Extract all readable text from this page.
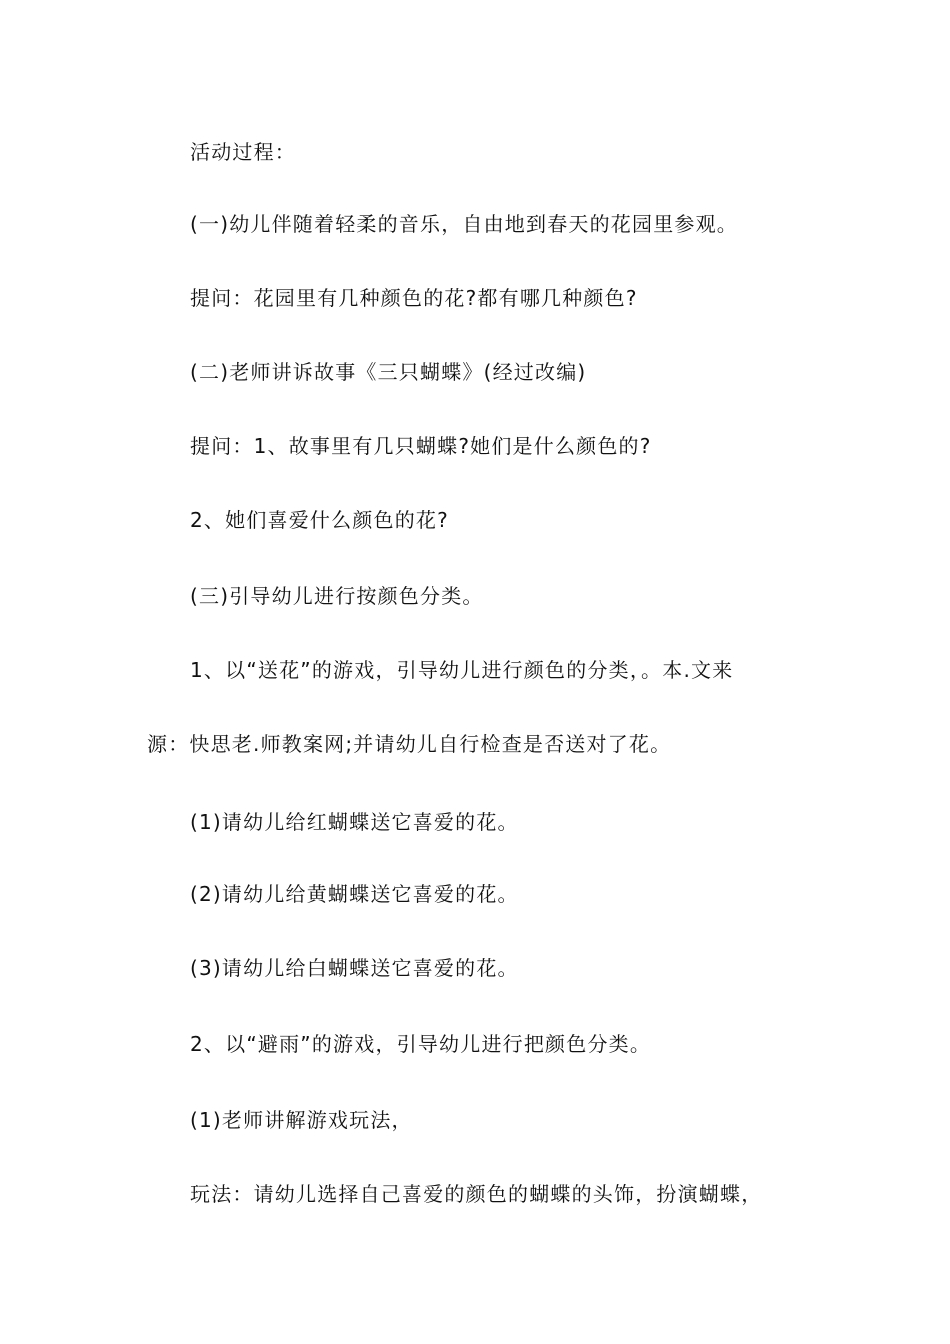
活动过程：
(一)幼儿伴随着轻柔的音乐，自由地到春天的花园里参观。
提问：花园里有几种颜色的花?都有哪几种颜色?
(二)老师讲诉故事《三只蝴蝶》(经过改编)
提问：1、故事里有几只蝴蝶?她们是什么颜色的?
2、她们喜爱什么颜色的花?
(三)引导幼儿进行按颜色分类。
1、以“送花”的游戏，引导幼儿进行颜色的分类，。本.文来
源：快思老.师教案网;并请幼儿自行检查是否送对了花。
(1)请幼儿给红蝴蝶送它喜爱的花。
(2)请幼儿给黄蝴蝶送它喜爱的花。
(3)请幼儿给白蝴蝶送它喜爱的花。
2、以“避雨”的游戏，引导幼儿进行把颜色分类。
(1)老师讲解游戏玩法，
玩法：请幼儿选择自己喜爱的颜色的蝴蝶的头饰，扮演蝴蝶，
